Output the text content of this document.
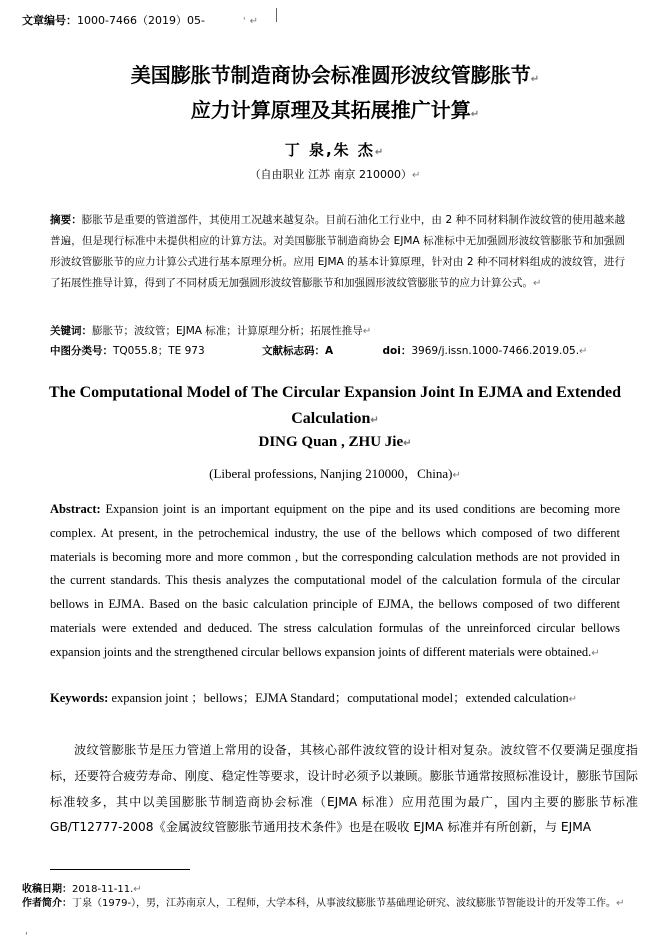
文章编号：1000-7466（2019）05-	' ↵
美国膨胀节制造商协会标准圆形波纹管膨胀节↵
应力计算原理及其拓展推广计算↵
丁 泉,朱 杰↵
（自由职业 江苏 南京 210000）↵
摘要：膨胀节是重要的管道部件，其使用工况越来越复杂。目前石油化工行业中，由 2 种不同材料制作波纹管的使用越来越普遍，但是现行标准中未提供相应的计算方法。对美国膨胀节制造商协会 EJMA 标准标中无加强圆形波纹管膨胀节和加强圆形波纹管膨胀节的应力计算公式进行基本原理分析。应用 EJMA 的基本计算原理，针对由 2 种不同材料组成的波纹管，进行了拓展性推导计算，得到了不同材质无加强圆形波纹管膨胀节和加强圆形波纹管膨胀节的应力计算公式。↵
关键词：膨胀节；波纹管；EJMA 标准；计算原理分析；拓展性推导↵
中图分类号：TQ055.8；TE 973	文献标志码：A	doi：3969/j.issn.1000-7466.2019.05.↵
The Computational Model of The Circular Expansion Joint In EJMA and Extended
Calculation↵
DING Quan , ZHU Jie↵
(Liberal professions, Nanjing 210000，China)↵
Abstract: Expansion joint is an important equipment on the pipe and its used conditions are becoming more complex. At present, in the petrochemical industry, the use of the bellows which composed of two different materials is becoming more and more common , but the corresponding calculation methods are not provided in the current standards. This thesis analyzes the computational model of the calculation formula of the circular bellows in EJMA. Based on the basic calculation principle of EJMA, the bellows composed of two different materials were extended and deduced. The stress calculation formulas of the unreinforced circular bellows expansion joints and the strengthened circular bellows expansion joints of different materials were obtained.↵
Keywords: expansion joint ；bellows；EJMA Standard；computational model；extended calculation↵
波纹管膨胀节是压力管道上常用的设备，其核心部件波纹管的设计相对复杂。波纹管不仅要满足强度指标，还要符合疲劳寿命、刚度、稳定性等要求，设计时必须予以兼顾。膨胀节通常按照标准设计，膨胀节国际标准较多，其中以美国膨胀节制造商协会标准（EJMA 标准）应用范围为最广，国内主要的膨胀节标准 GB/T12777-2008《金属波纹管膨胀节通用技术条件》也是在吸收 EJMA 标准并有所创新，与 EJMA
收稿日期：2018-11-11.↵
作者简介：丁泉（1979-），男，江苏南京人，工程师，大学本科，从事波纹膨胀节基础理论研究、波纹膨胀节智能设计的开发等工作。↵
'
